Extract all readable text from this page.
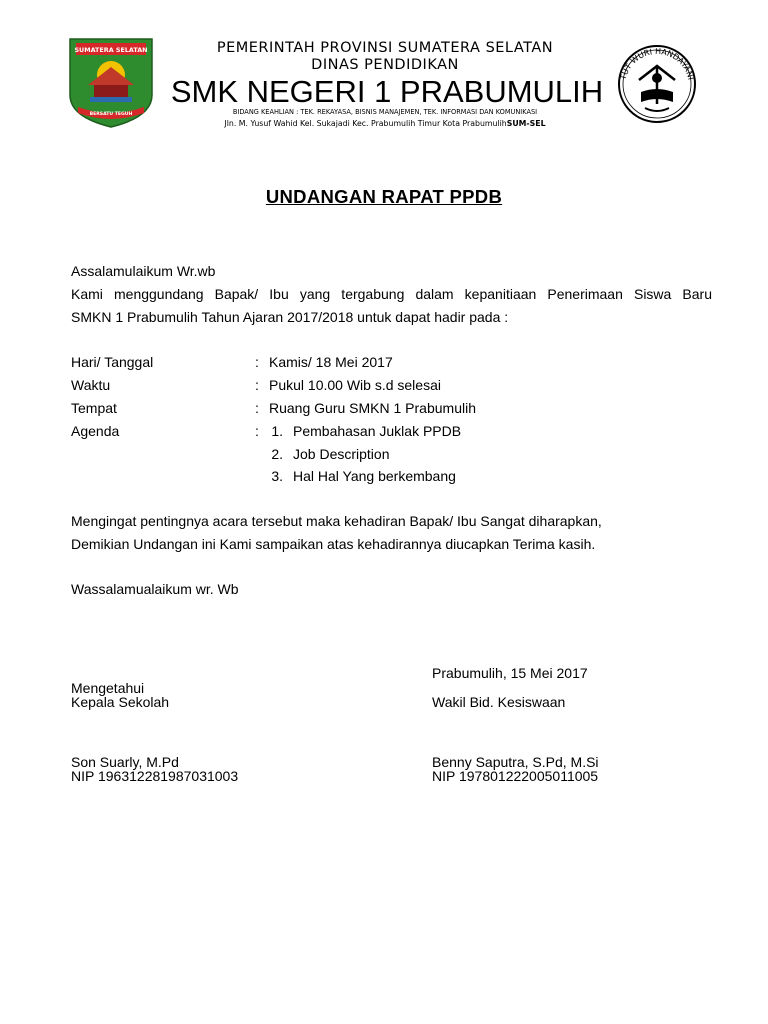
SUMATERA SELATAN
BERSATU TEGUH
PEMERINTAH PROVINSI SUMATERA SELATAN
DINAS PENDIDIKAN
SMK NEGERI 1 PRABUMULIH
BIDANG KEAHLIAN : TEK. REKAYASA, BISNIS MANAJEMEN, TEK. INFORMASI DAN KOMUNIKASI
Jln. M. Yusuf Wahid Kel. Sukajadi Kec. Prabumulih Timur Kota PrabumulihSUM-SEL
TUT WURI HANDAYANI
UNDANGAN RAPAT PPDB
Assalamulaikum Wr.wb
Kami menggundang Bapak/ Ibu yang tergabung dalam kepanitiaan Penerimaan Siswa Baru
SMKN 1 Prabumulih Tahun Ajaran 2017/2018 untuk dapat hadir pada :
Hari/ Tanggal	: Kamis/ 18 Mei 2017
Waktu	: Pukul 10.00 Wib s.d selesai
Tempat	: Ruang Guru SMKN 1 Prabumulih
Agenda	: 1. Pembahasan Juklak PPDB
2. Job Description
3. Hal Hal Yang berkembang
Mengingat pentingnya acara tersebut maka kehadiran Bapak/ Ibu Sangat diharapkan,
Demikian Undangan ini Kami sampaikan atas kehadirannya diucapkan Terima kasih.
Wassalamualaikum wr. Wb
Prabumulih, 15 Mei 2017
Mengetahui
Kepala Sekolah	Wakil Bid. Kesiswaan
Son Suarly, M.Pd	Benny Saputra, S.Pd, M.Si
NIP 196312281987031003	NIP 197801222005011005
